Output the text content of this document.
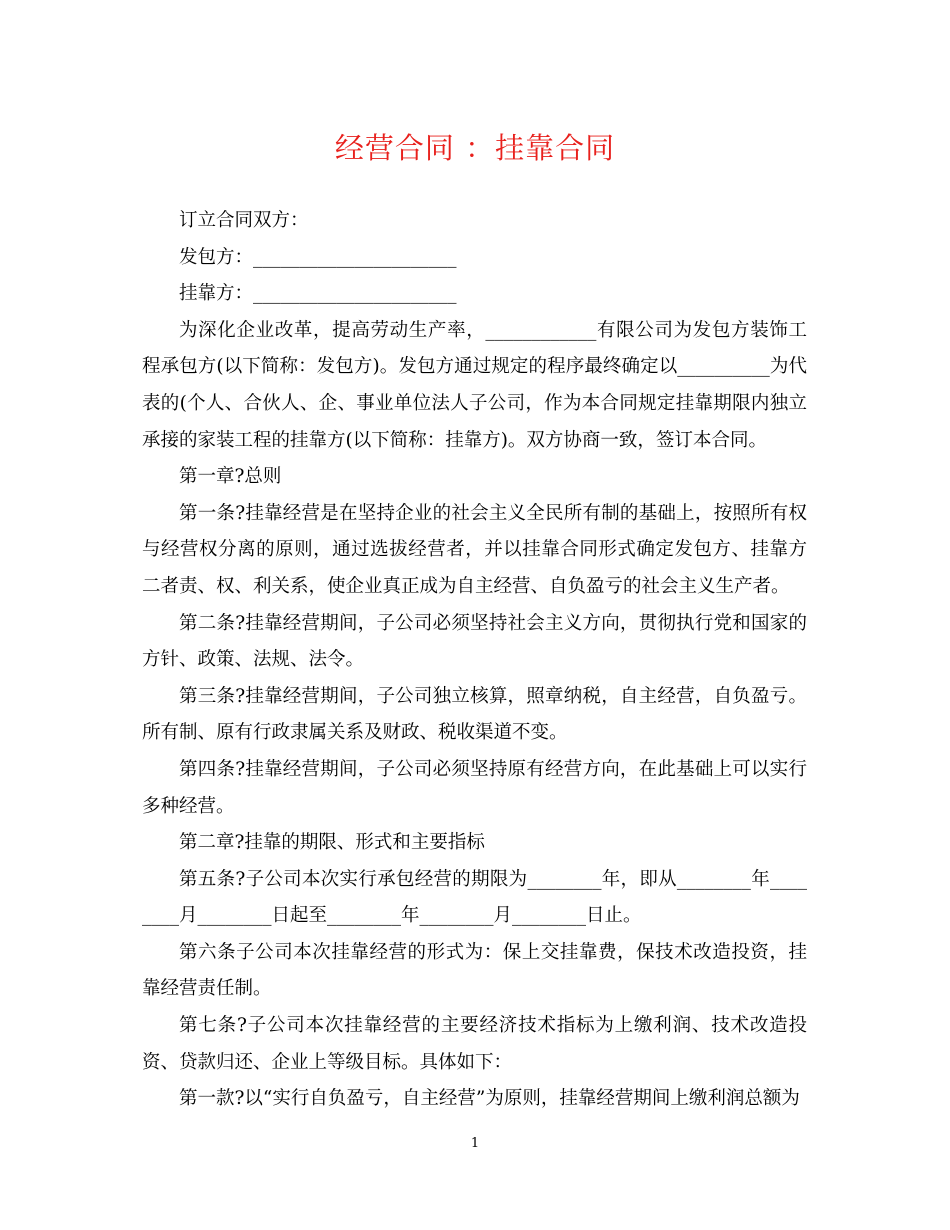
经营合同 ：挂靠合同

订立合同双方：

发包方：______________________

挂靠方：______________________

为深化企业改革，提高劳动生产率，____________有限公司为发包方装饰工程承包方(以下简称：发包方)。发包方通过规定的程序最终确定以__________为代表的(个人、合伙人、企、事业单位法人子公司，作为本合同规定挂靠期限内独立承接的家装工程的挂靠方(以下简称：挂靠方)。双方协商一致，签订本合同。

第一章?总则

第一条?挂靠经营是在坚持企业的社会主义全民所有制的基础上，按照所有权与经营权分离的原则，通过选拔经营者，并以挂靠合同形式确定发包方、挂靠方二者责、权、利关系，使企业真正成为自主经营、自负盈亏的社会主义生产者。

第二条?挂靠经营期间，子公司必须坚持社会主义方向，贯彻执行党和国家的方针、政策、法规、法令。

第三条?挂靠经营期间，子公司独立核算，照章纳税，自主经营，自负盈亏。所有制、原有行政隶属关系及财政、税收渠道不变。

第四条?挂靠经营期间，子公司必须坚持原有经营方向，在此基础上可以实行多种经营。

第二章?挂靠的期限、形式和主要指标

第五条?子公司本次实行承包经营的期限为________年，即从________年________月________日起至________年________月________日止。

第六条子公司本次挂靠经营的形式为：保上交挂靠费，保技术改造投资，挂靠经营责任制。

第七条?子公司本次挂靠经营的主要经济技术指标为上缴利润、技术改造投资、贷款归还、企业上等级目标。具体如下：

第一款?以“实行自负盈亏，自主经营”为原则，挂靠经营期间上缴利润总额为

1
